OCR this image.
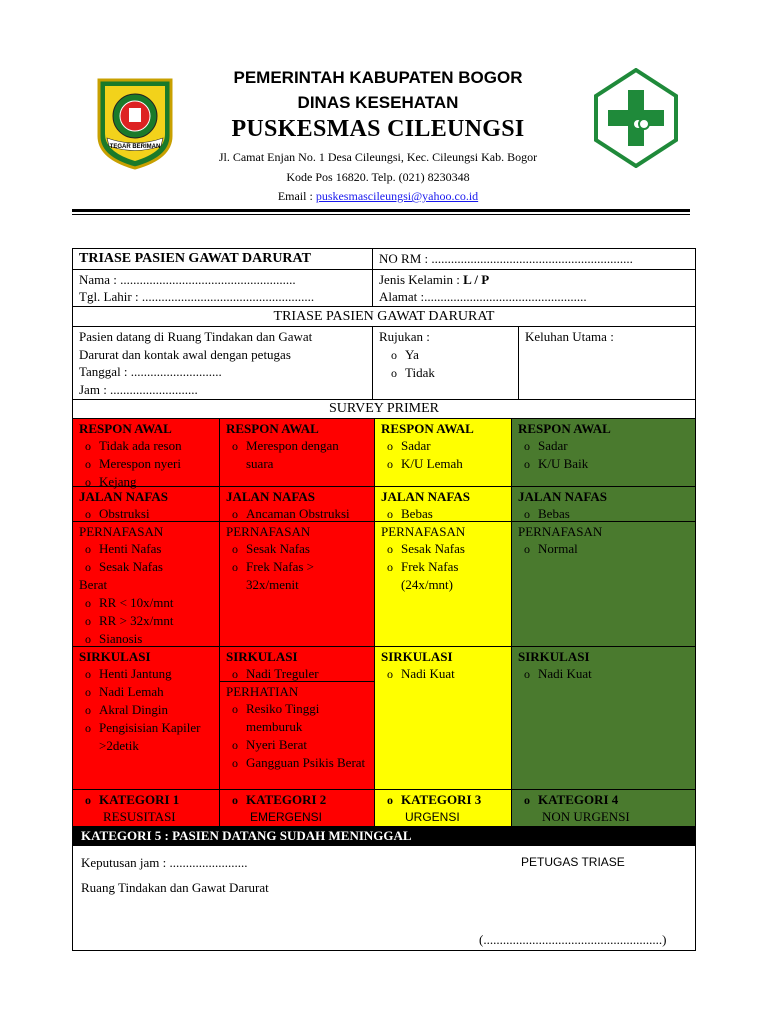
TEGAR BERIMAN
PEMERINTAH KABUPATEN BOGOR
DINAS KESEHATAN
PUSKESMAS CILEUNGSI
Jl. Camat Enjan No. 1 Desa Cileungsi, Kec. Cileungsi Kab. Bogor
Kode Pos 16820. Telp. (021) 8230348
Email : puskesmascileungsi@yahoo.co.id
TRIASE PASIEN GAWAT DARURAT	NO RM : ..............................................................
Nama : ......................................................
Tgl. Lahir : .....................................................
Jenis Kelamin : L / P
Alamat :..................................................
TRIASE PASIEN GAWAT DARURAT
Pasien datang di Ruang Tindakan dan Gawat
Darurat dan kontak awal dengan petugas
Tanggal : ............................
Jam : ...........................
Rujukan :
o Ya
o Tidak
Keluhan Utama :
SURVEY PRIMER
RESPON AWAL
o Tidak ada reson
o Merespon nyeri
o Kejang
RESPON AWAL
o Merespon dengan suara
RESPON AWAL
o Sadar
o K/U Lemah
RESPON AWAL
o Sadar
o K/U Baik
JALAN NAFAS
o Obstruksi
JALAN NAFAS
o Ancaman Obstruksi
JALAN NAFAS
o Bebas
JALAN NAFAS
o Bebas
PERNAFASAN
o Henti Nafas
o Sesak Nafas
Berat
o RR < 10x/mnt
o RR > 32x/mnt
o Sianosis
PERNAFASAN
o Sesak Nafas
o Frek Nafas > 32x/menit
PERNAFASAN
o Sesak Nafas
o Frek Nafas (24x/mnt)
PERNAFASAN
o Normal
SIRKULASI
o Henti Jantung
o Nadi Lemah
o Akral Dingin
o Pengisisian Kapiler >2detik
SIRKULASI
o Nadi Treguler
PERHATIAN
o Resiko Tinggi memburuk
o Nyeri Berat
o Gangguan Psikis Berat
SIRKULASI
o Nadi Kuat
SIRKULASI
o Nadi Kuat
o KATEGORI 1
RESUSITASI
o KATEGORI 2
EMERGENSI
o KATEGORI 3
URGENSI
o KATEGORI 4
NON URGENSI
KATEGORI 5 : PASIEN DATANG SUDAH MENINGGAL
Keputusan jam : ........................	PETUGAS TRIASE
Ruang Tindakan dan Gawat Darurat
(.......................................................)
